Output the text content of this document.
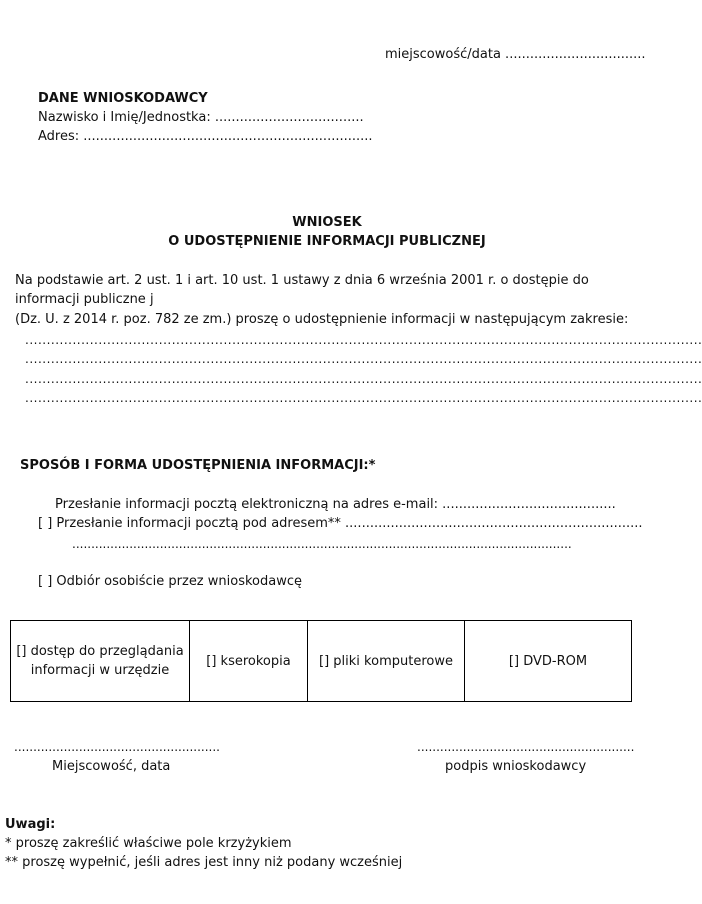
miejscowość/data ..................................
DANE WNIOSKODAWCY
Nazwisko i Imię/Jednostka: ....................................
Adres: ......................................................................
WNIOSEK
O UDOSTĘPNIENIE INFORMACJI PUBLICZNEJ
Na podstawie art. 2 ust. 1 i art. 10 ust. 1 ustawy z dnia 6 września 2001 r. o dostępie do
informacji publiczne j
(Dz. U. z 2014 r. poz. 782 ze zm.) proszę o udostępnienie informacji w następującym zakresie:
.............................................................................................................................................................
.............................................................................................................................................................
.............................................................................................................................................................
.............................................................................................................................................................
SPOSÓB I FORMA UDOSTĘPNIENIA INFORMACJI:*
Przesłanie informacji pocztą elektroniczną na adres e-mail: ..........................................
[ ] Przesłanie informacji pocztą pod adresem** ........................................................................
...................................................................................................................................
[ ] Odbiór osobiście przez wnioskodawcę
[] dostęp do przeglądania informacji w urzędzie
[] kserokopia	[] pliki komputerowe	[] DVD-ROM
......................................................
Miejscowość, data
.........................................................
podpis wnioskodawcy
Uwagi:
* proszę zakreślić właściwe pole krzyżykiem
** proszę wypełnić, jeśli adres jest inny niż podany wcześniej
